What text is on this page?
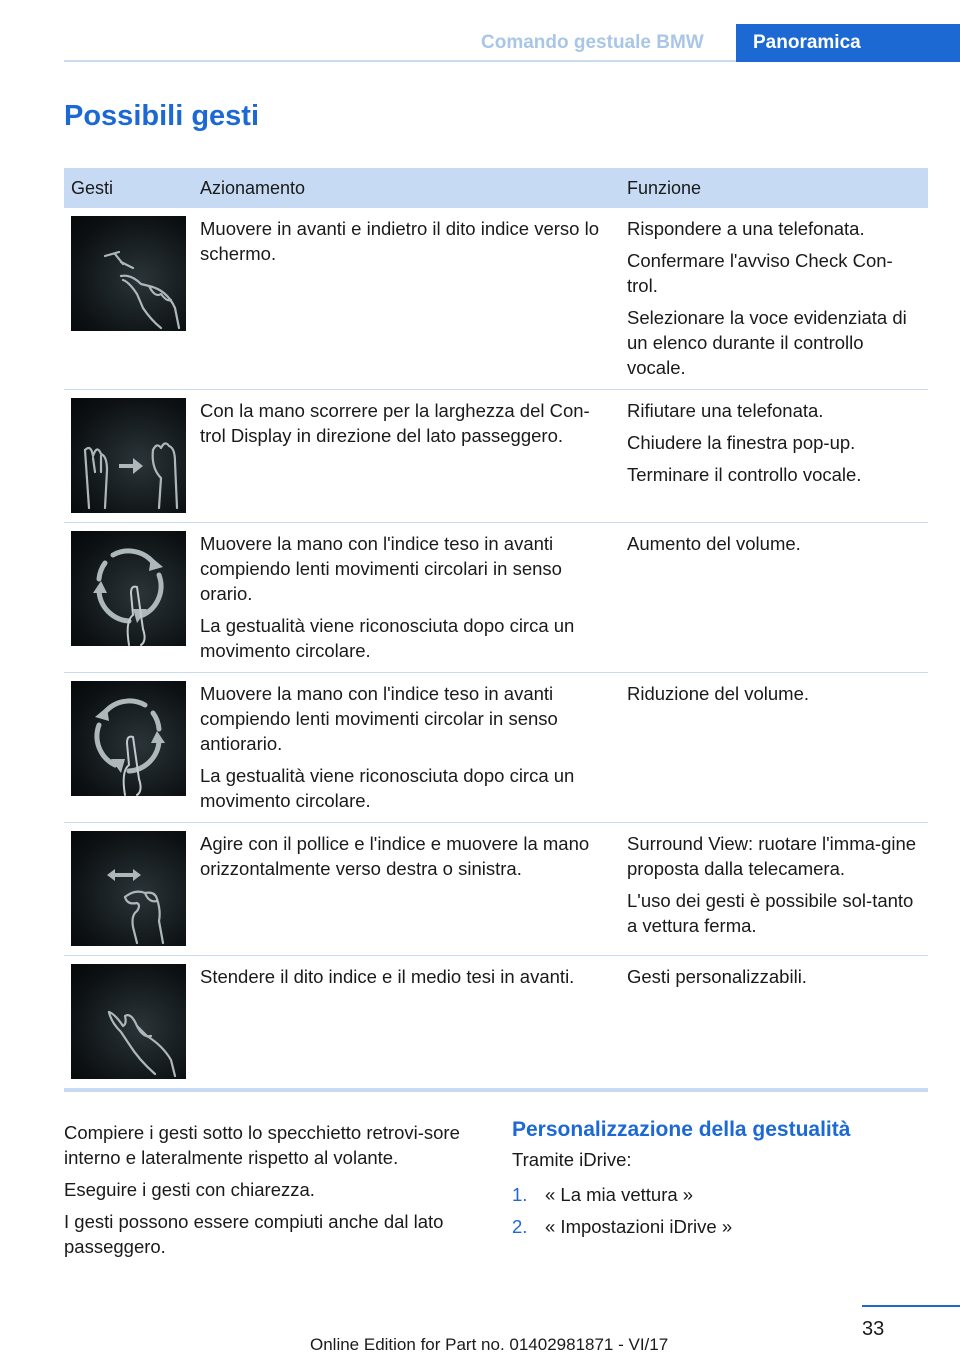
Comando gestuale BMW	Panoramica
Possibili gesti
Gesti	Azionamento	Funzione

Muovere in avanti e indietro il dito indice verso lo schermo.	Rispondere a una telefonata.

Confermare l'avviso Check Con-trol.

Selezionare la voce evidenziata di un elenco durante il controllo vocale.

Con la mano scorrere per la larghezza del Con-trol Display in direzione del lato passeggero.	Rifiutare una telefonata.

Chiudere la finestra pop-up.

Terminare il controllo vocale.

Muovere la mano con l'indice teso in avanti compiendo lenti movimenti circolari in senso orario.

La gestualità viene riconosciuta dopo circa un movimento circolare.	Aumento del volume.

Muovere la mano con l'indice teso in avanti compiendo lenti movimenti circolar in senso antiorario.

La gestualità viene riconosciuta dopo circa un movimento circolare.	Riduzione del volume.

Agire con il pollice e l'indice e muovere la mano orizzontalmente verso destra o sinistra.	Surround View: ruotare l'imma-gine proposta dalla telecamera.

L'uso dei gesti è possibile sol-tanto a vettura ferma.

Stendere il dito indice e il medio tesi in avanti.	Gesti personalizzabili.

Compiere i gesti sotto lo specchietto retrovi-sore interno e lateralmente rispetto al volante.

Eseguire i gesti con chiarezza.

I gesti possono essere compiuti anche dal lato passeggero.

Personalizzazione della gestualità

Tramite iDrive:

1. « La mia vettura »
2. « Impostazioni iDrive »
33
Online Edition for Part no. 01402981871 - VI/17
